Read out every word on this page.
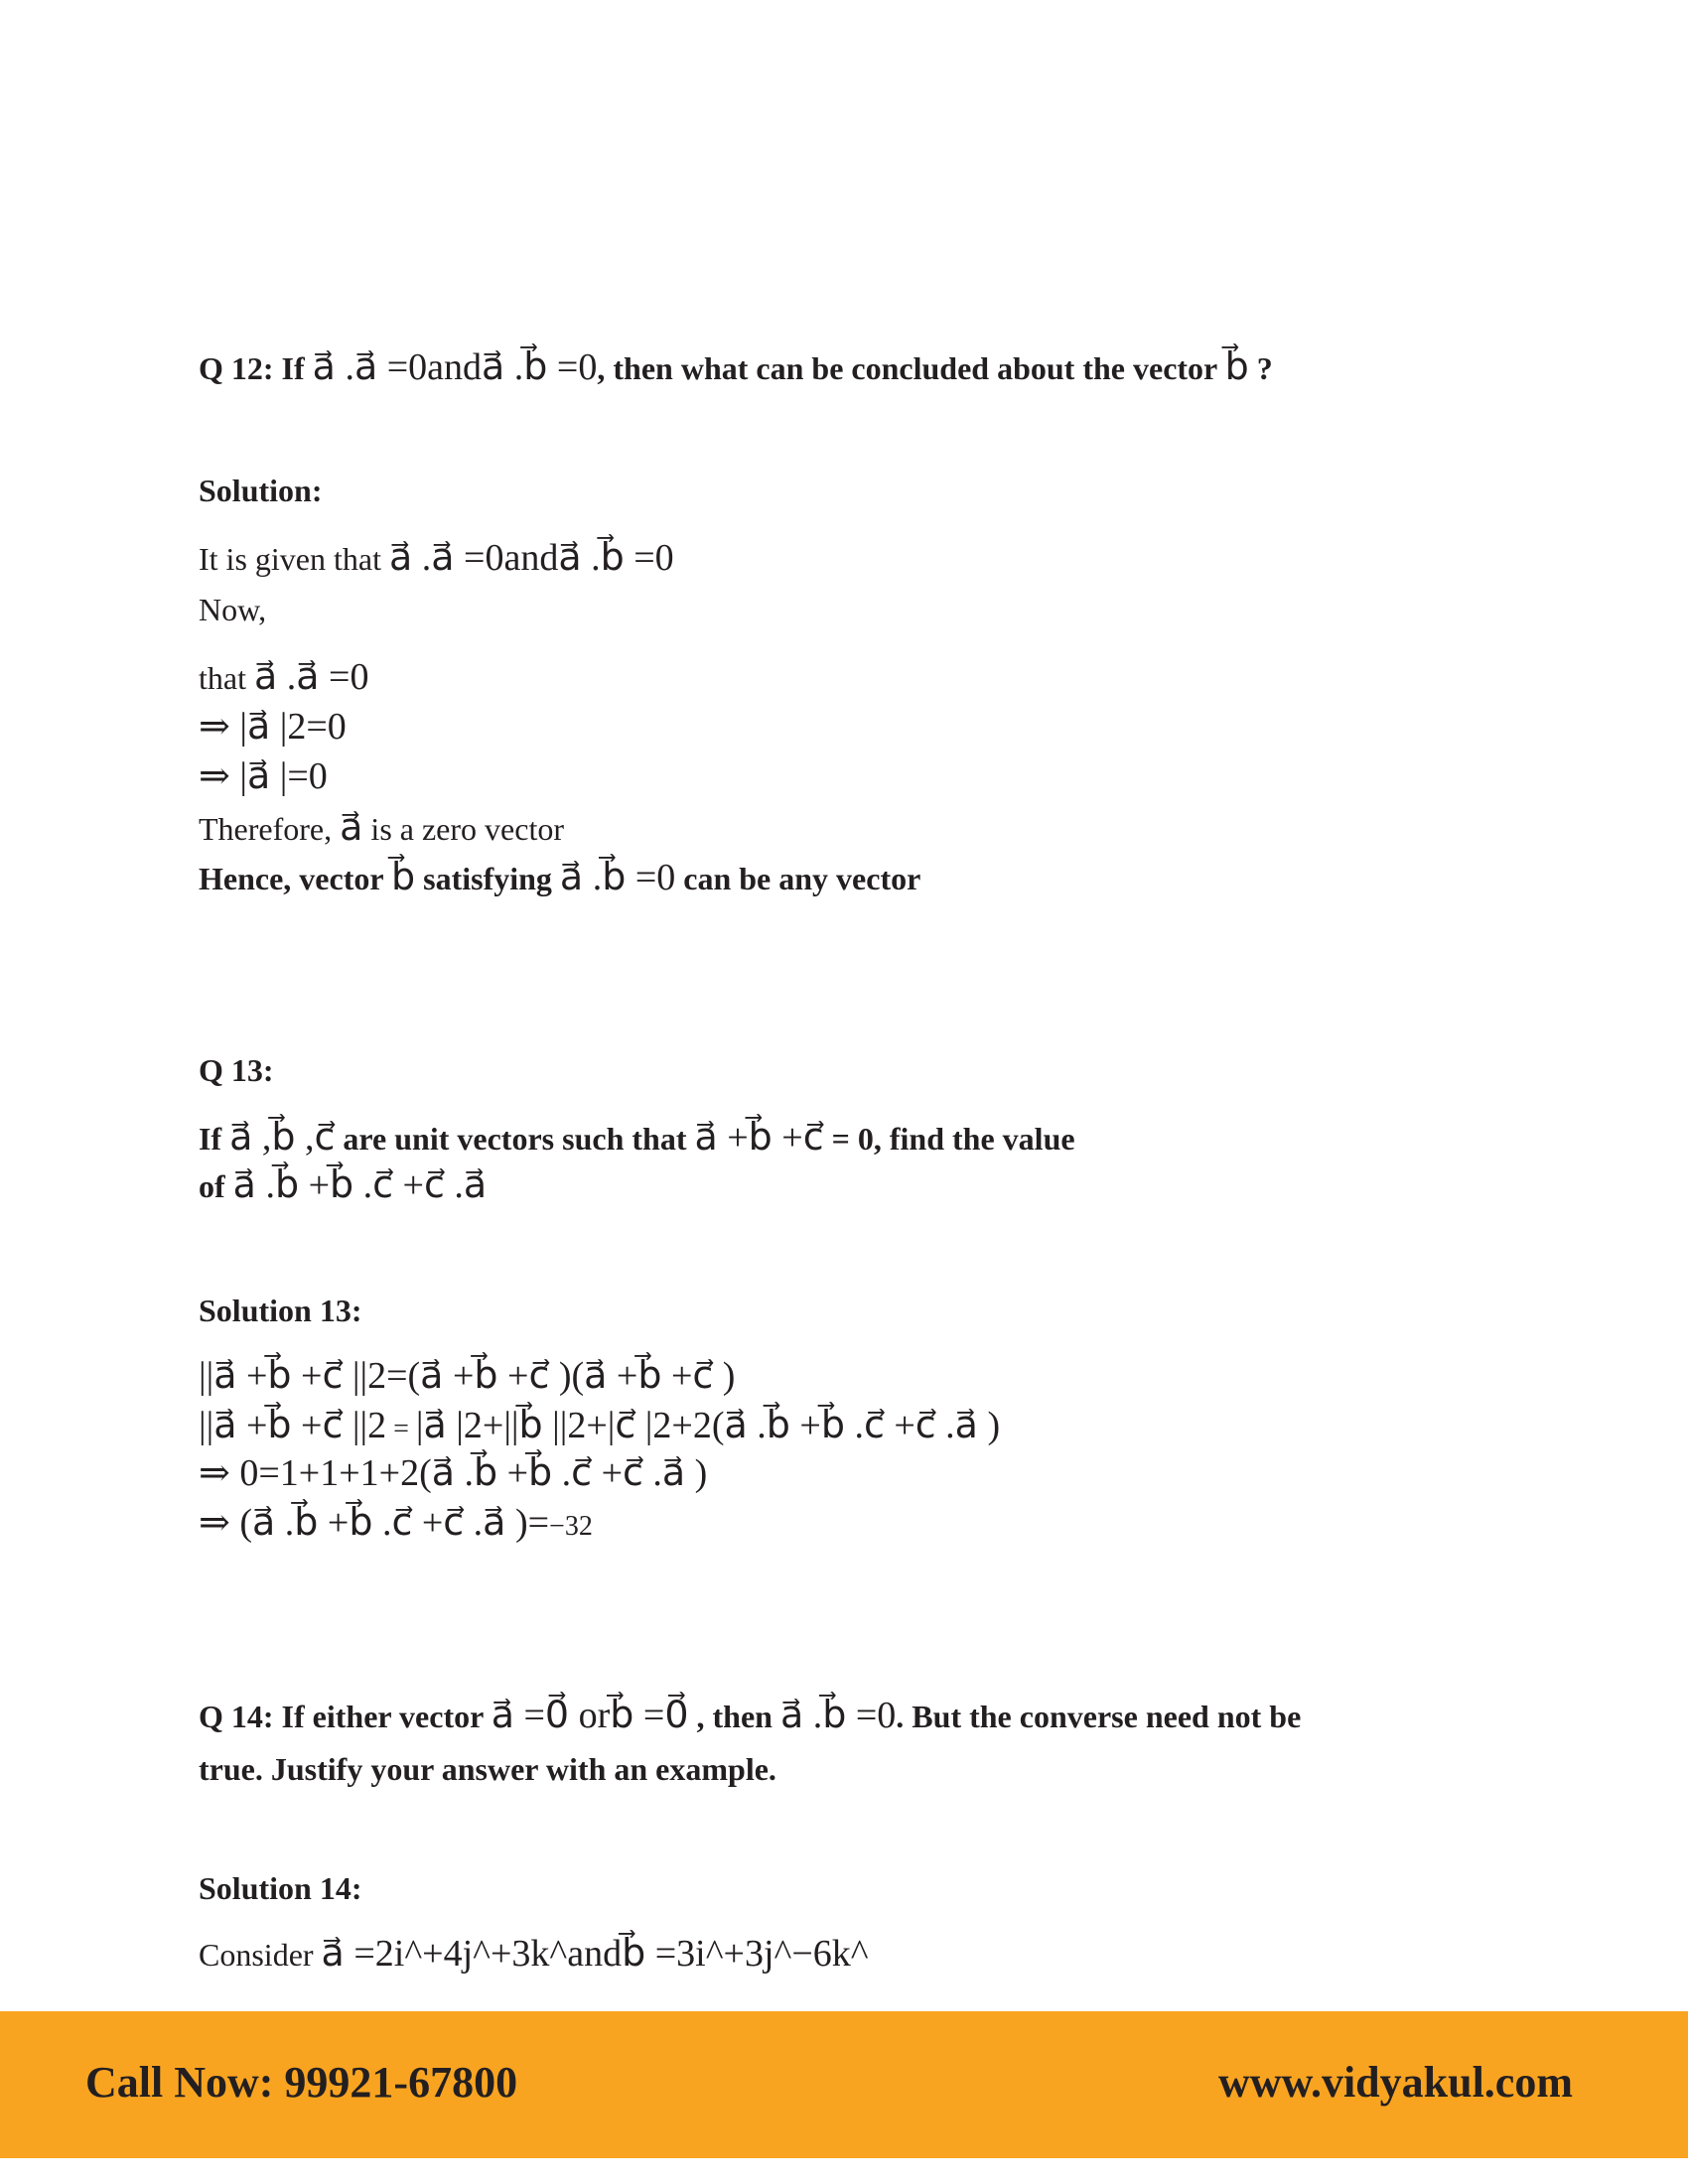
Q 12: If a⃗ .a⃗ =0anda⃗ .b⃗ =0, then what can be concluded about the vector b⃗ ?
Solution:
It is given that a⃗ .a⃗ =0anda⃗ .b⃗ =0
Now,
that a⃗ .a⃗ =0
⇒ |a⃗ |2=0
⇒ |a⃗ |=0
Therefore, a⃗ is a zero vector
Hence, vector b⃗ satisfying a⃗ .b⃗ =0 can be any vector
Q 13:
If a⃗ ,b⃗ ,c⃗ are unit vectors such that a⃗ +b⃗ +c⃗ = 0, find the value
of a⃗ .b⃗ +b⃗ .c⃗ +c⃗ .a⃗
Solution 13:
||a⃗ +b⃗ +c⃗ ||2=(a⃗ +b⃗ +c⃗ )(a⃗ +b⃗ +c⃗ )
||a⃗ +b⃗ +c⃗ ||2 = |a⃗ |2+||b⃗ ||2+|c⃗ |2+2(a⃗ .b⃗ +b⃗ .c⃗ +c⃗ .a⃗ )
⇒ 0=1+1+1+2(a⃗ .b⃗ +b⃗ .c⃗ +c⃗ .a⃗ )
⇒ (a⃗ .b⃗ +b⃗ .c⃗ +c⃗ .a⃗ )=−32
Q 14: If either vector a⃗ =0⃗ orb⃗ =0⃗ , then a⃗ .b⃗ =0. But the converse need not be
true. Justify your answer with an example.
Solution 14:
Consider a⃗ =2i^+4j^+3k^andb⃗ =3i^+3j^−6k^
Call Now: 99921-67800	www.vidyakul.com
